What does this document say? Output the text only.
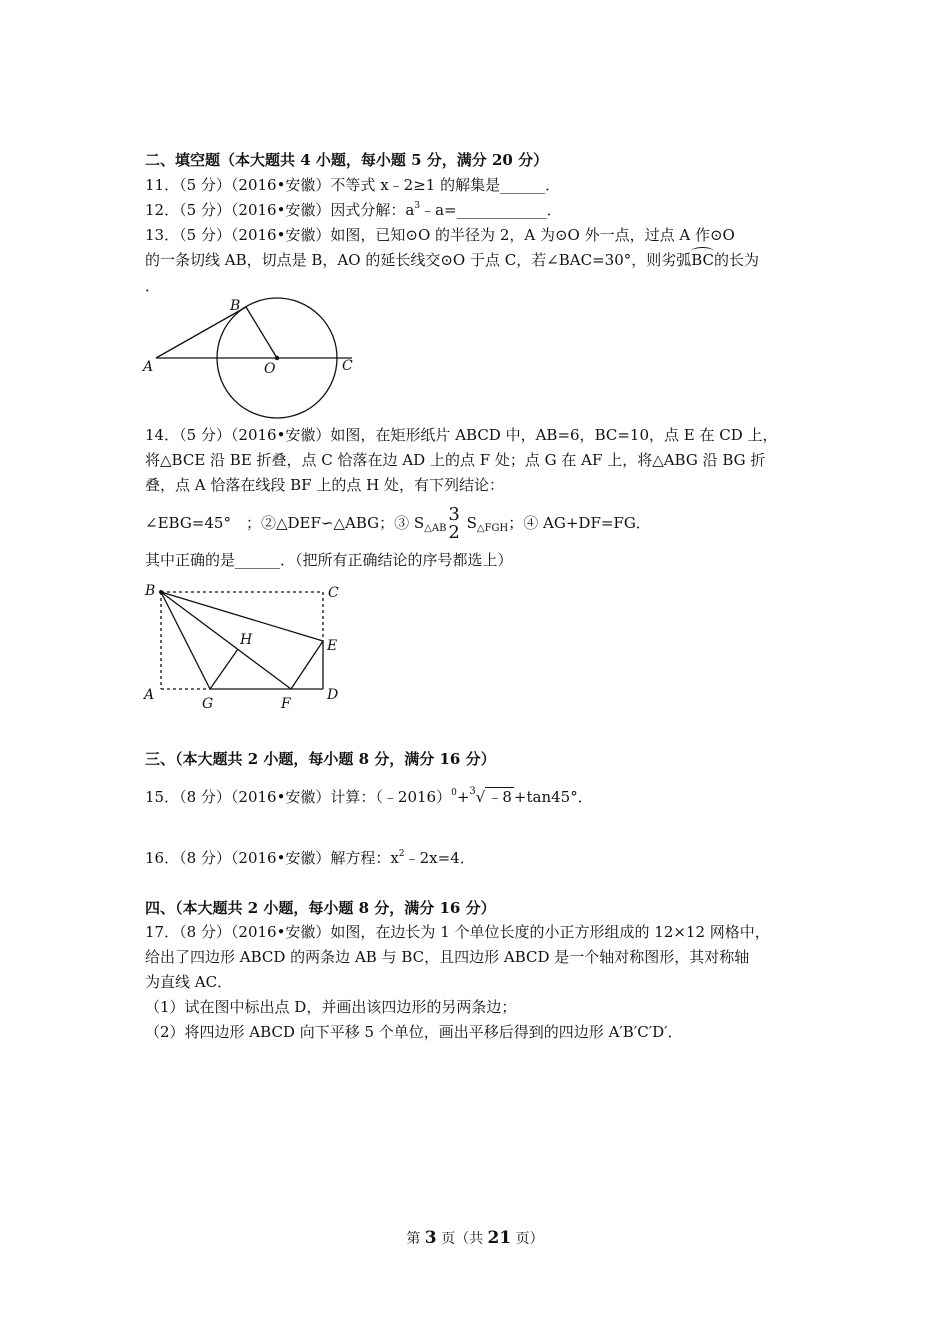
二、填空题（本大题共 4 小题，每小题 5 分，满分 20 分）
11．（5 分）（2016•安徽）不等式 x﹣2≥1 的解集是______．
12．（5 分）（2016•安徽）因式分解：$a^3﹣a=\_\_\_\_\_\_\_\_\_\_\_\_$．
13．（5 分）（2016•安徽）如图，已知⊙O 的半径为 2，A 为⊙O 外一点，过点 A 作⊙O
的一条切线 AB，切点是 B，AO 的延长线交⊙O 于点 C，若∠BAC=30°，则劣弧BC的长为
．
A
B
O	C
14．（5 分）（2016•安徽）如图，在矩形纸片 ABCD 中，AB=6，BC=10，点 E 在 CD 上，
将△BCE 沿 BE 折叠，点 C 恰落在边 AD 上的点 F 处；点 G 在 AF 上，将△ABG 沿 BG 折
叠，点 A 恰落在线段 BF 上的点 H 处，有下列结论：
∠EBG=45°　；②△DEF∽△ABG；③ $S_{\triangle AB}$
3
2 $S_{\triangle FGH}$；④ AG+DF=FG．
其中正确的是______．（把所有正确结论的序号都选上）
B	C
H	E
A
G	F
D
三、（本大题共 2 小题，每小题 8 分，满分 16 分）
15．（8 分）（2016•安徽）计算：（﹣2016）$^0$+$^3$√ ﹣8 +tan45°．
16．（8 分）（2016•安徽）解方程：$x^2﹣2x=4$．
四、（本大题共 2 小题，每小题 8 分，满分 16 分）
17．（8 分）（2016•安徽）如图，在边长为 1 个单位长度的小正方形组成的 12×12 网格中，
给出了四边形 ABCD 的两条边 AB 与 BC，且四边形 ABCD 是一个轴对称图形，其对称轴
为直线 AC．
（1）试在图中标出点 D，并画出该四边形的另两条边；
（2）将四边形 ABCD 向下平移 5 个单位，画出平移后得到的四边形 A′B′C′D′．
第 3 页（共 21 页）
